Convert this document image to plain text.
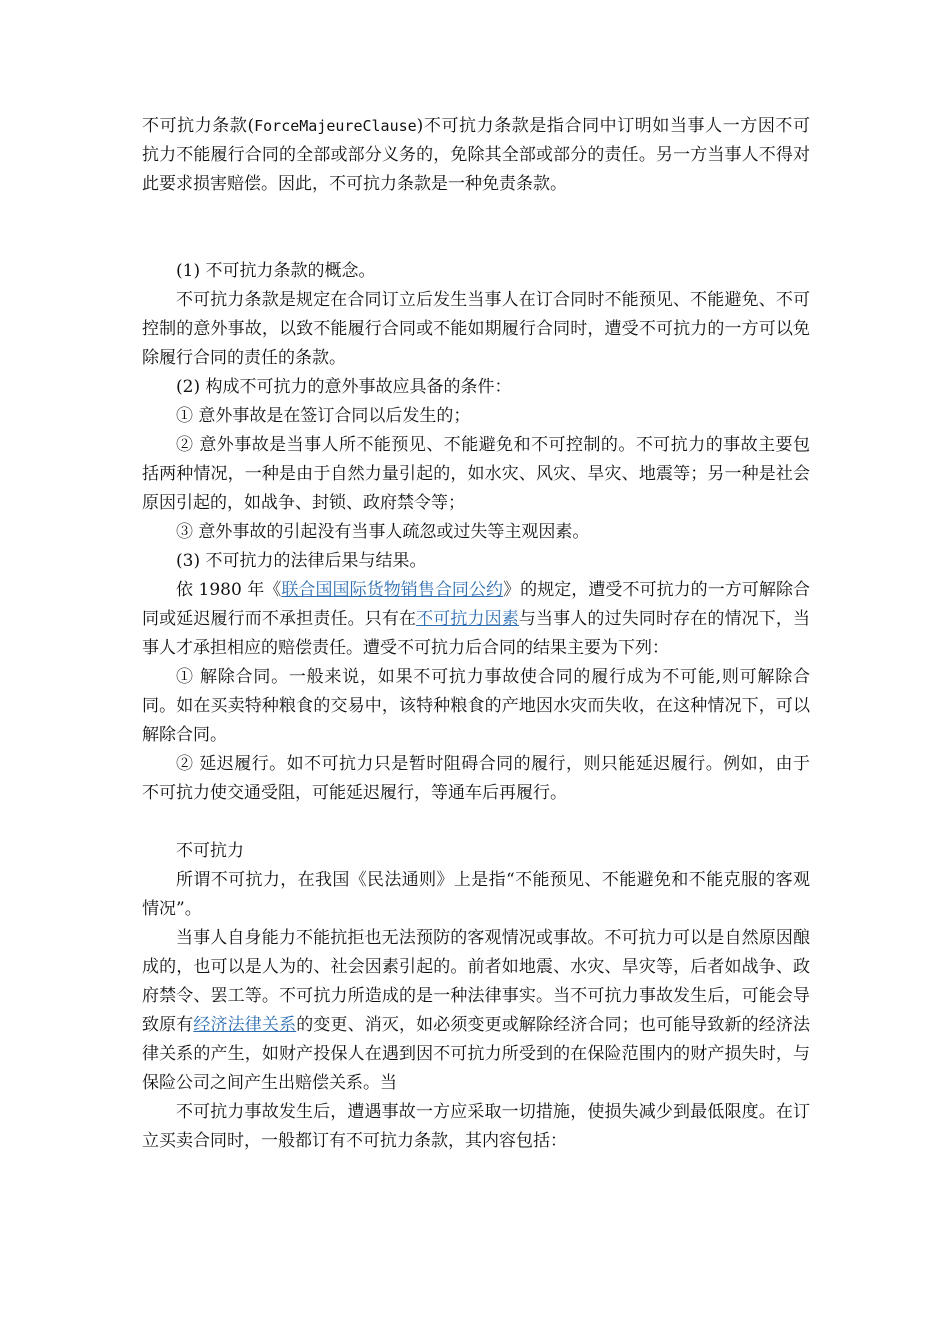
不可抗力条款(ForceMajeureClause)不可抗力条款是指合同中订明如当事人一方因不可抗力不能履行合同的全部或部分义务的，免除其全部或部分的责任。另一方当事人不得对此要求损害赔偿。因此，不可抗力条款是一种免责条款。

(1) 不可抗力条款的概念。

不可抗力条款是规定在合同订立后发生当事人在订合同时不能预见、不能避免、不可控制的意外事故，以致不能履行合同或不能如期履行合同时，遭受不可抗力的一方可以免除履行合同的责任的条款。

(2) 构成不可抗力的意外事故应具备的条件：

① 意外事故是在签订合同以后发生的；

② 意外事故是当事人所不能预见、不能避免和不可控制的。不可抗力的事故主要包括两种情况，一种是由于自然力量引起的，如水灾、风灾、旱灾、地震等；另一种是社会原因引起的，如战争、封锁、政府禁令等；

③ 意外事故的引起没有当事人疏忽或过失等主观因素。

(3) 不可抗力的法律后果与结果。

依 1980 年《联合国国际货物销售合同公约》的规定，遭受不可抗力的一方可解除合同或延迟履行而不承担责任。只有在不可抗力因素与当事人的过失同时存在的情况下，当事人才承担相应的赔偿责任。遭受不可抗力后合同的结果主要为下列：

① 解除合同。一般来说，如果不可抗力事故使合同的履行成为不可能,则可解除合同。如在买卖特种粮食的交易中，该特种粮食的产地因水灾而失收，在这种情况下，可以解除合同。

② 延迟履行。如不可抗力只是暂时阻碍合同的履行，则只能延迟履行。例如，由于不可抗力使交通受阻，可能延迟履行，等通车后再履行。

不可抗力

所谓不可抗力，在我国《民法通则》上是指“不能预见、不能避免和不能克服的客观情况”。

当事人自身能力不能抗拒也无法预防的客观情况或事故。不可抗力可以是自然原因酿成的，也可以是人为的、社会因素引起的。前者如地震、水灾、旱灾等，后者如战争、政府禁令、罢工等。不可抗力所造成的是一种法律事实。当不可抗力事故发生后，可能会导致原有经济法律关系的变更、消灭，如必须变更或解除经济合同；也可能导致新的经济法律关系的产生，如财产投保人在遇到因不可抗力所受到的在保险范围内的财产损失时，与保险公司之间产生出赔偿关系。当

不可抗力事故发生后，遭遇事故一方应采取一切措施，使损失减少到最低限度。在订立买卖合同时，一般都订有不可抗力条款，其内容包括：
